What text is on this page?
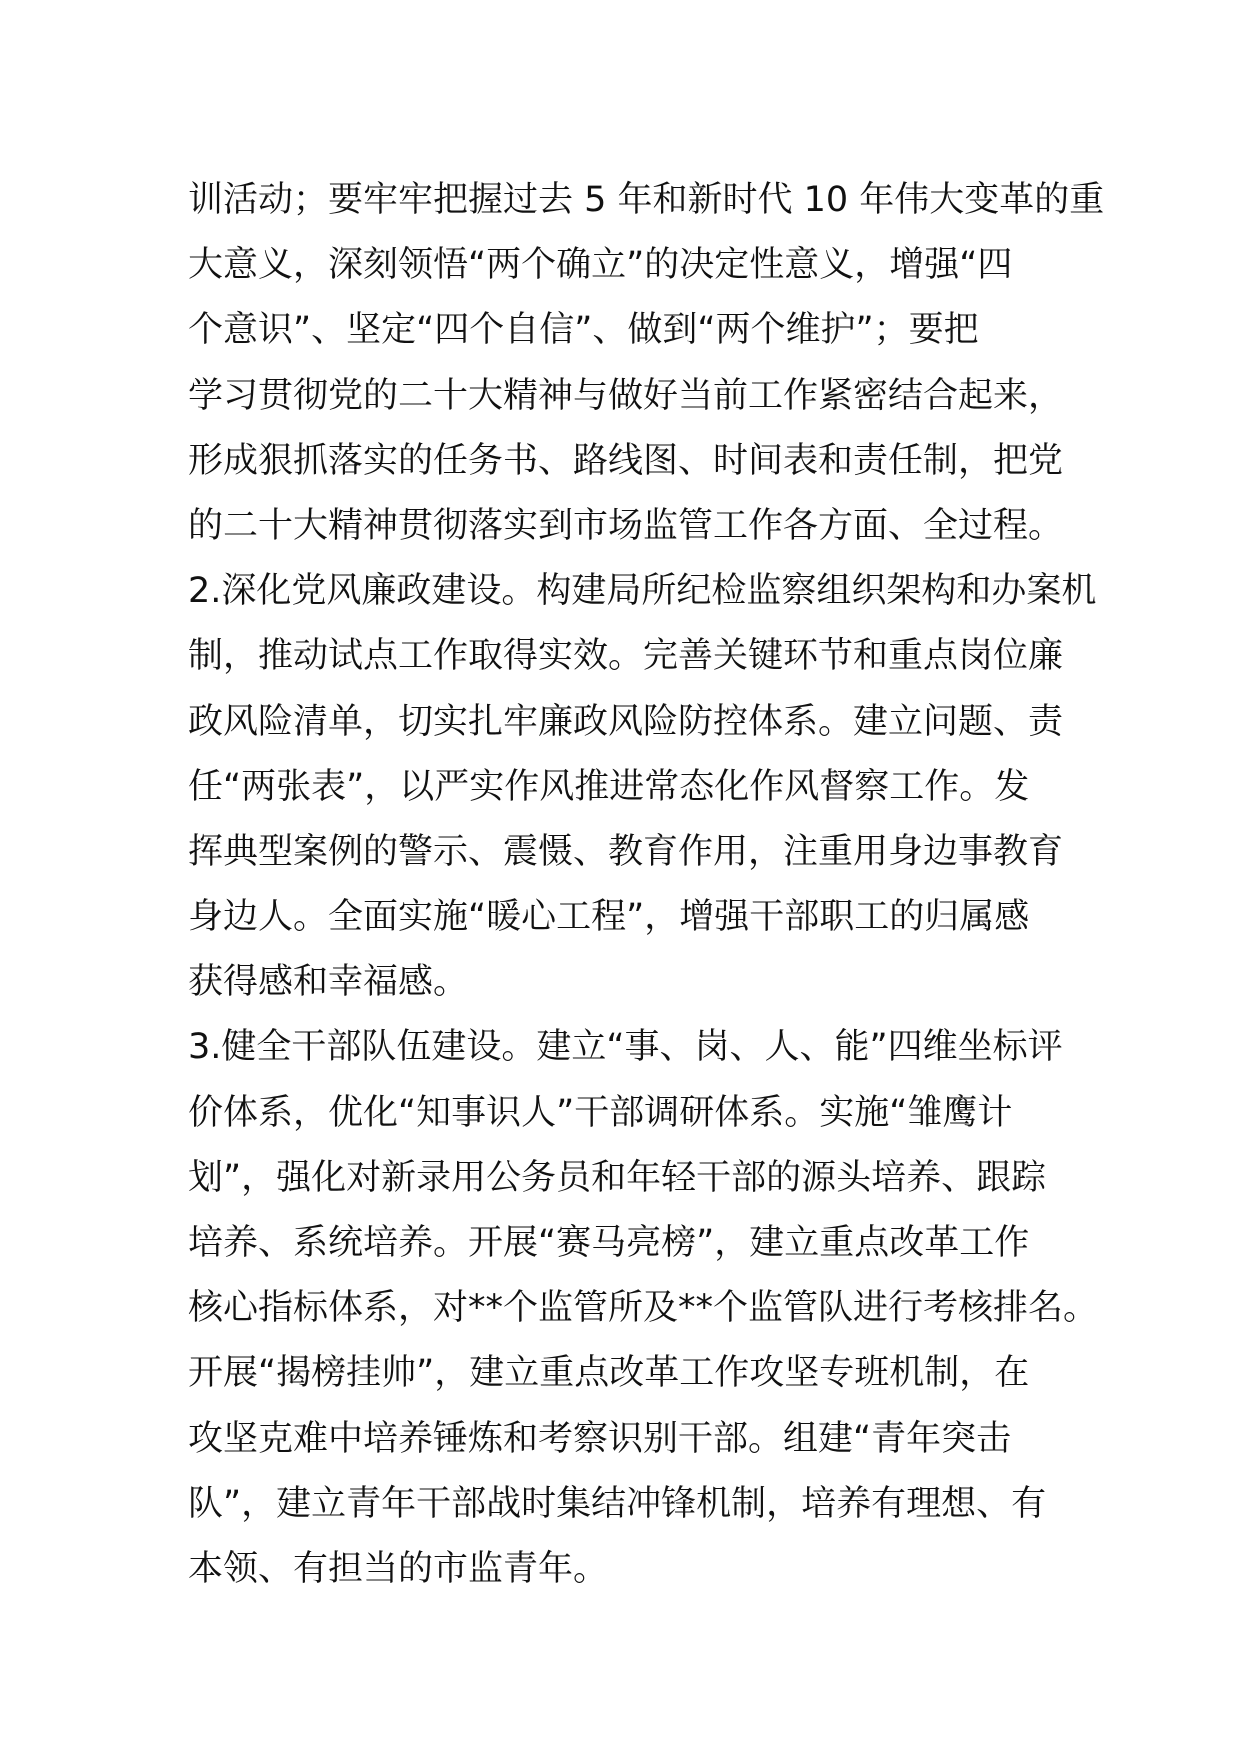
训活动；要牢牢把握过去 5 年和新时代 10 年伟大变革的重
大意义，深刻领悟“两个确立”的决定性意义，增强“四
个意识”、坚定“四个自信”、做到“两个维护”；要把
学习贯彻党的二十大精神与做好当前工作紧密结合起来，
形成狠抓落实的任务书、路线图、时间表和责任制，把党
的二十大精神贯彻落实到市场监管工作各方面、全过程。
2.深化党风廉政建设。构建局所纪检监察组织架构和办案机
制，推动试点工作取得实效。完善关键环节和重点岗位廉
政风险清单，切实扎牢廉政风险防控体系。建立问题、责
任“两张表”，以严实作风推进常态化作风督察工作。发
挥典型案例的警示、震慑、教育作用，注重用身边事教育
身边人。全面实施“暖心工程”，增强干部职工的归属感
获得感和幸福感。
3.健全干部队伍建设。建立“事、岗、人、能”四维坐标评
价体系，优化“知事识人”干部调研体系。实施“雏鹰计
划”，强化对新录用公务员和年轻干部的源头培养、跟踪
培养、系统培养。开展“赛马亮榜”，建立重点改革工作
核心指标体系，对**个监管所及**个监管队进行考核排名。
开展“揭榜挂帅”，建立重点改革工作攻坚专班机制，在
攻坚克难中培养锤炼和考察识别干部。组建“青年突击
队”，建立青年干部战时集结冲锋机制，培养有理想、有
本领、有担当的市监青年。
